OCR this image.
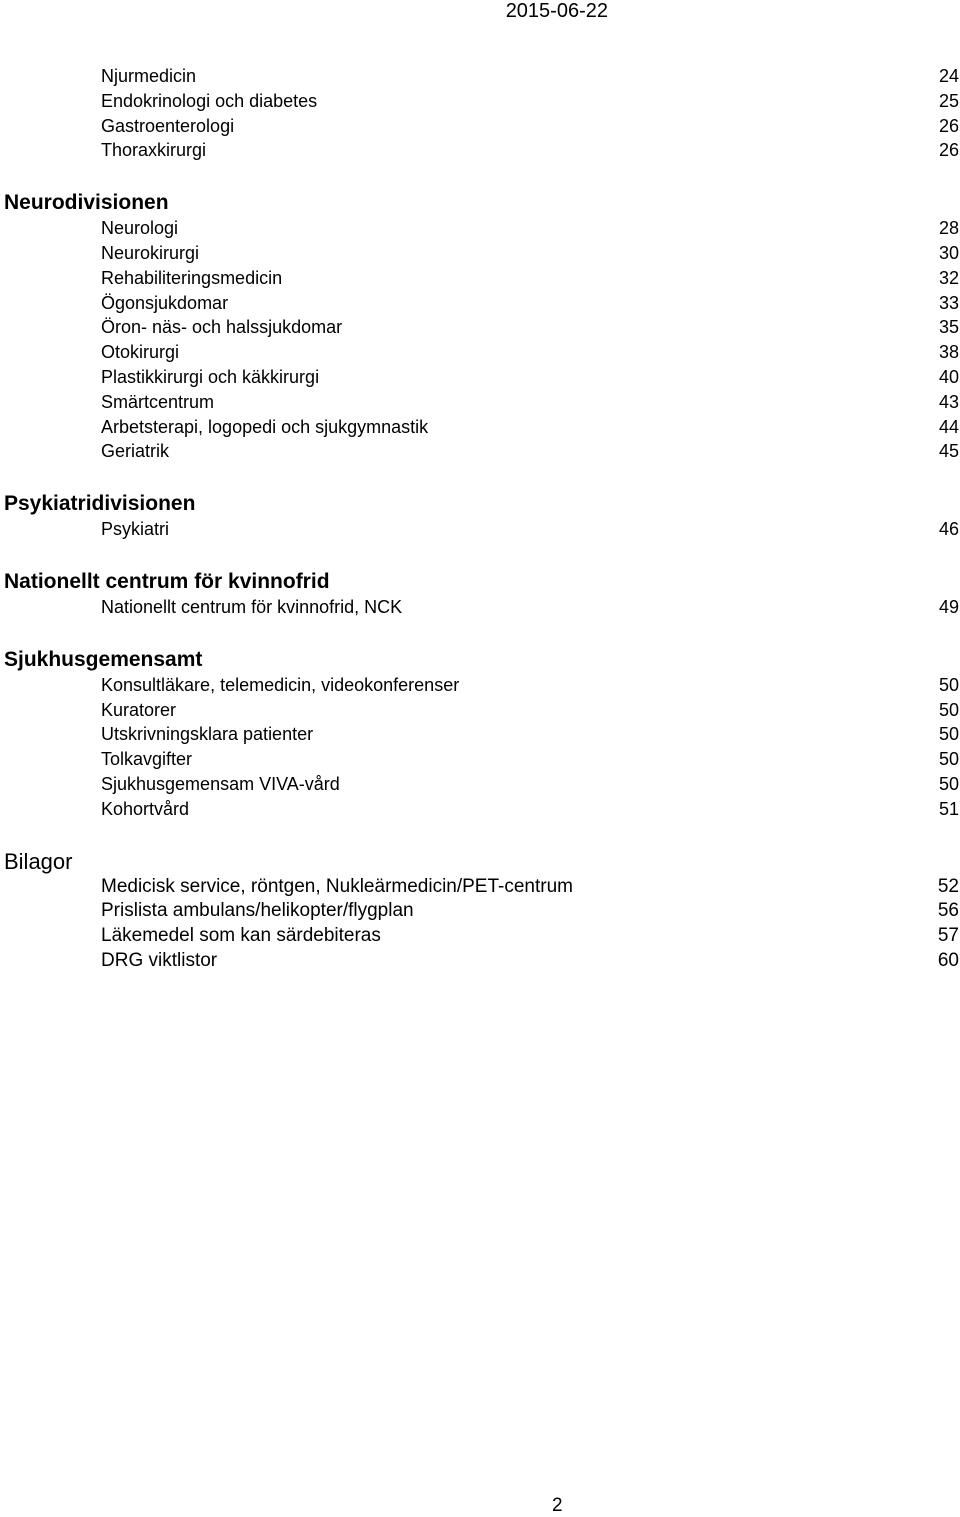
2015-06-22
Njurmedicin	24
Endokrinologi och diabetes	25
Gastroenterologi	26
Thoraxkirurgi	26
Neurodivisionen
Neurologi	28
Neurokirurgi	30
Rehabiliteringsmedicin	32
Ögonsjukdomar	33
Öron- näs- och halssjukdomar	35
Otokirurgi	38
Plastikkirurgi och käkkirurgi	40
Smärtcentrum	43
Arbetsterapi, logopedi och sjukgymnastik	44
Geriatrik	45
Psykiatridivisionen
Psykiatri	46
Nationellt centrum för kvinnofrid
Nationellt centrum för kvinnofrid, NCK	49
Sjukhusgemensamt
Konsultläkare, telemedicin, videokonferenser	50
Kuratorer	50
Utskrivningsklara patienter	50
Tolkavgifter	50
Sjukhusgemensam VIVA-vård	50
Kohortvård	51
Bilagor
Medicisk service, röntgen, Nukleärmedicin/PET-centrum	52
Prislista ambulans/helikopter/flygplan	56
Läkemedel som kan särdebiteras	57
DRG viktlistor	60
2
